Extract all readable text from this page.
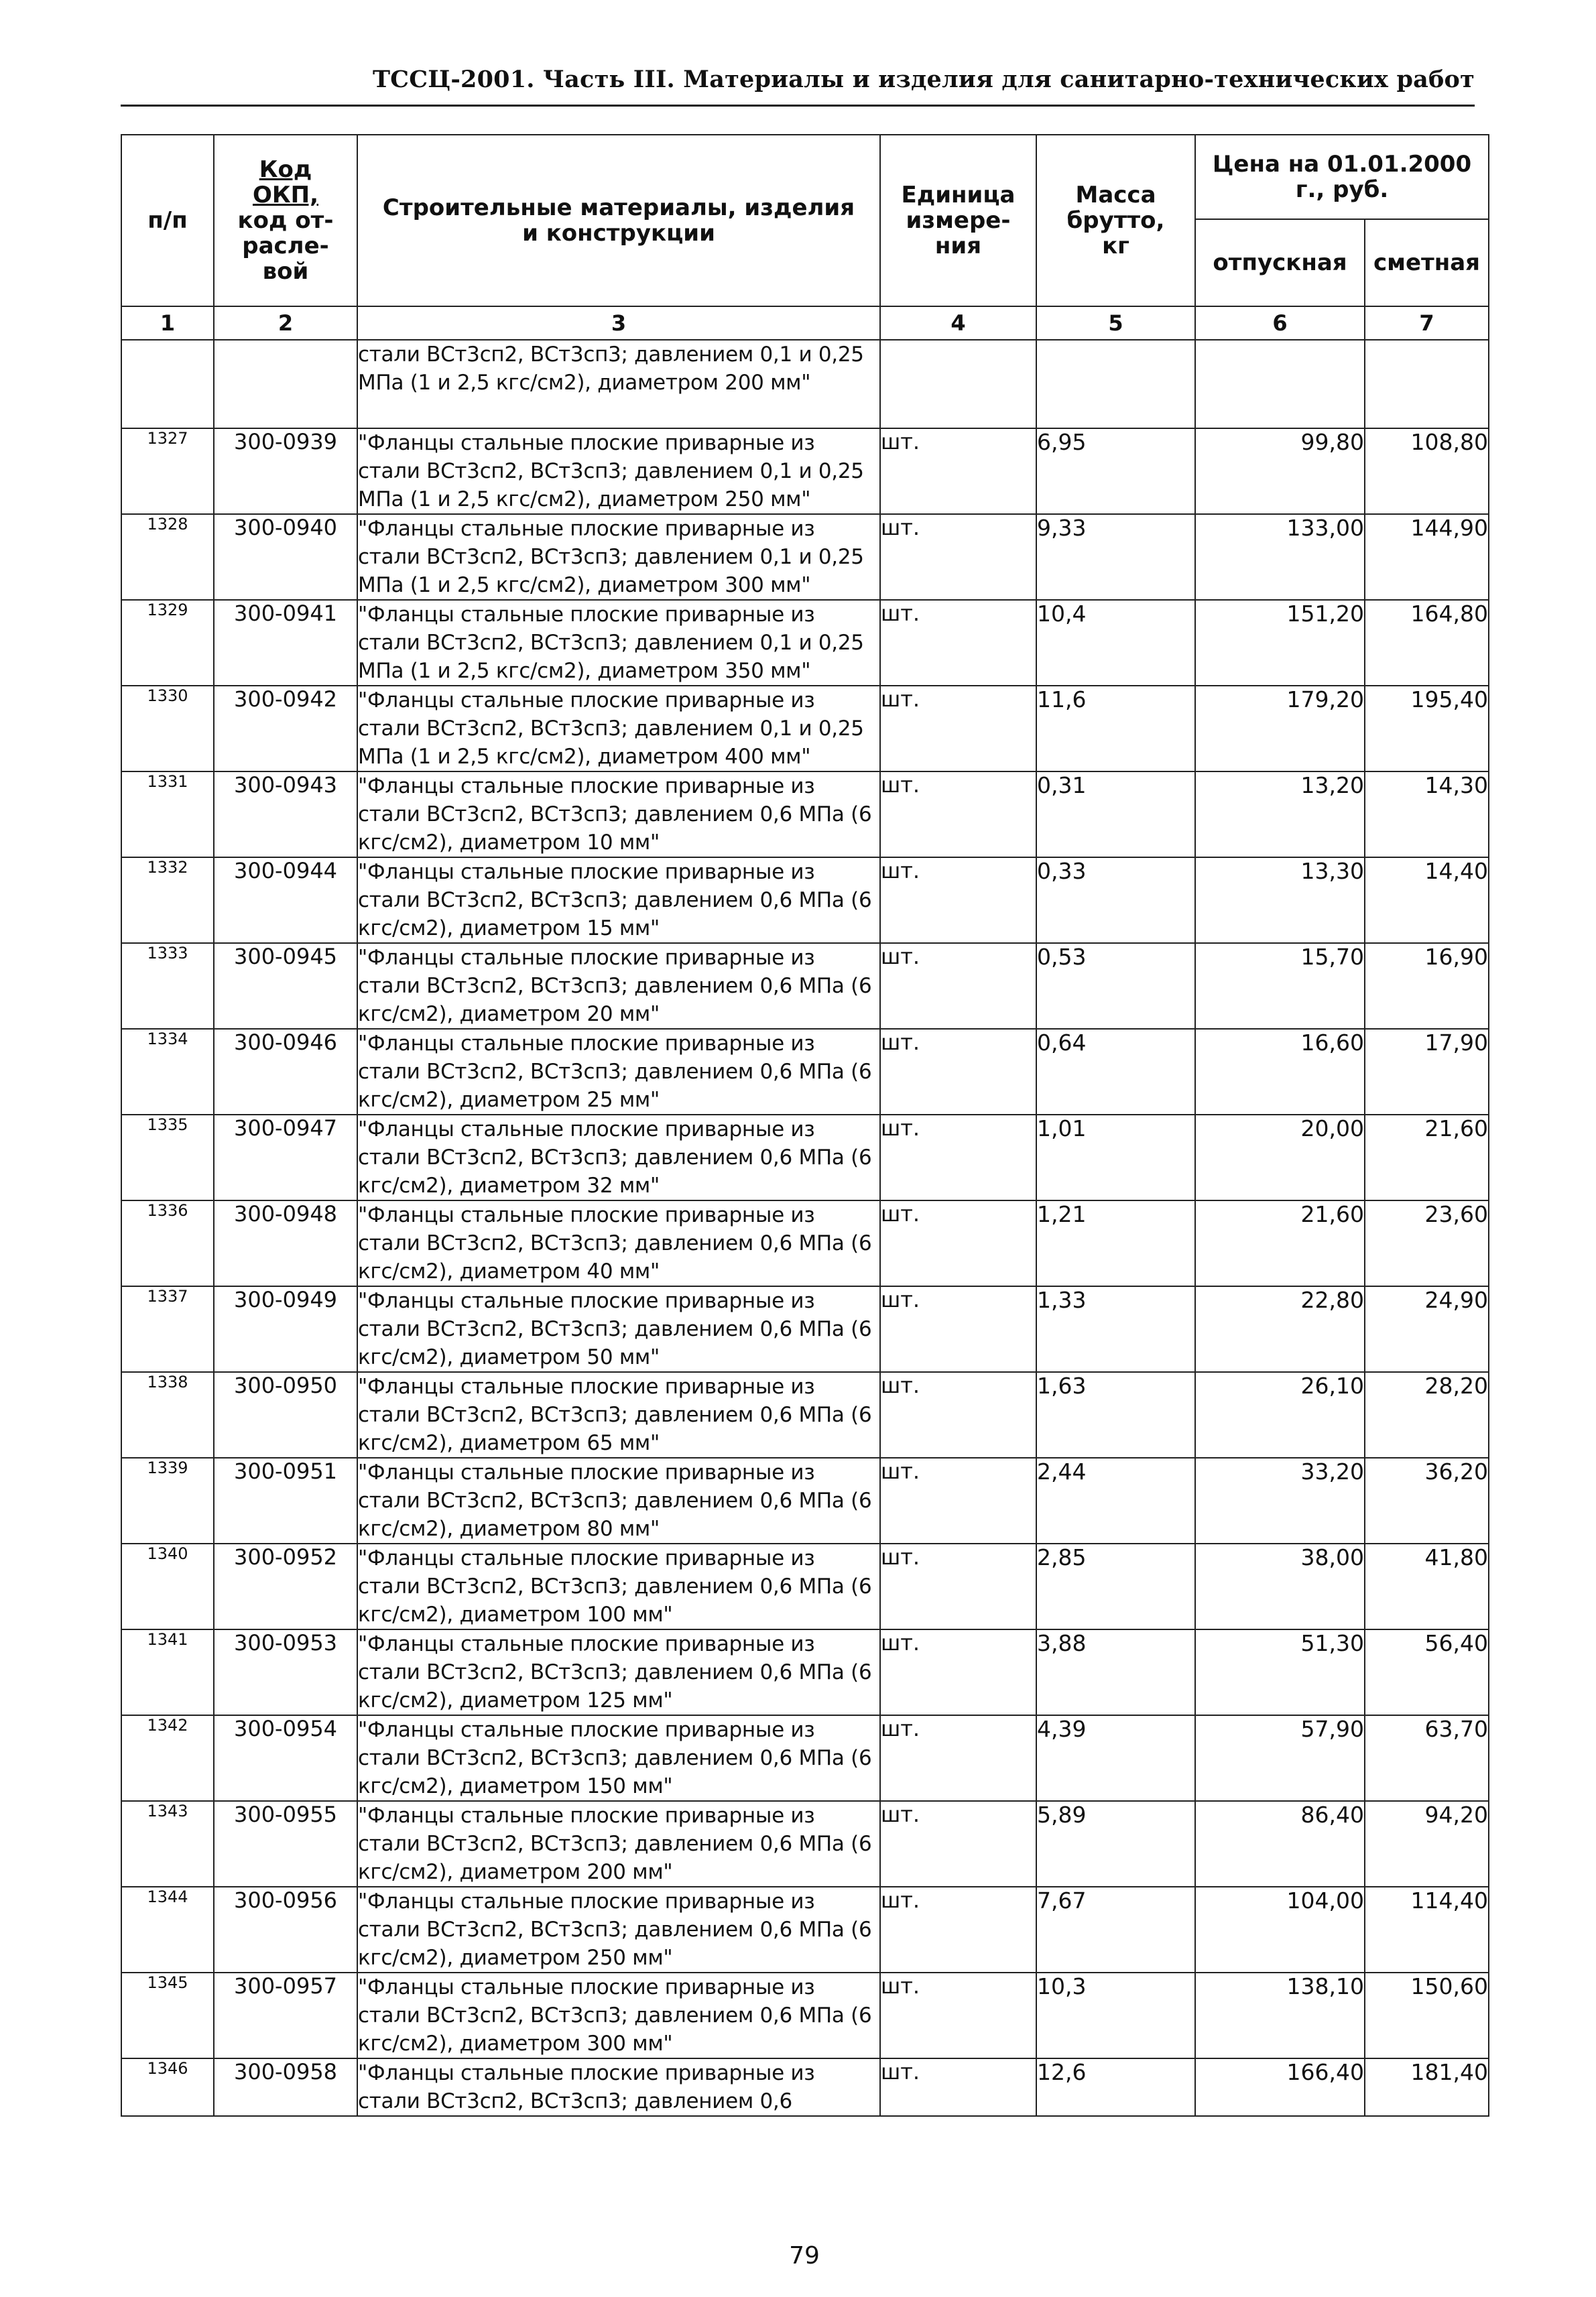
ТССЦ-2001. Часть III. Материалы и изделия для санитарно-технических работ
п/п	Код
ОКП,
код от-
расле-
вой	Строительные материалы, изделия и конструкции	Единица измере-ния	Масса брутто, кг	Цена на 01.01.2000 г., руб.	
					отпускная	сметная
1	2	3	4	5	6	7
		стали ВСт3сп2, ВСт3сп3; давлением 0,1 и 0,25 МПа (1 и 2,5 кгс/см2), диаметром 200 мм"				
1327	300-0939	"Фланцы стальные плоские приварные из стали ВСт3сп2, ВСт3сп3; давлением 0,1 и 0,25 МПа (1 и 2,5 кгс/см2), диаметром 250 мм"	шт.	6,95	99,80	108,80
1328	300-0940	"Фланцы стальные плоские приварные из стали ВСт3сп2, ВСт3сп3; давлением 0,1 и 0,25 МПа (1 и 2,5 кгс/см2), диаметром 300 мм"	шт.	9,33	133,00	144,90
1329	300-0941	"Фланцы стальные плоские приварные из стали ВСт3сп2, ВСт3сп3; давлением 0,1 и 0,25 МПа (1 и 2,5 кгс/см2), диаметром 350 мм"	шт.	10,4	151,20	164,80
1330	300-0942	"Фланцы стальные плоские приварные из стали ВСт3сп2, ВСт3сп3; давлением 0,1 и 0,25 МПа (1 и 2,5 кгс/см2), диаметром 400 мм"	шт.	11,6	179,20	195,40
1331	300-0943	"Фланцы стальные плоские приварные из стали ВСт3сп2, ВСт3сп3; давлением 0,6 МПа (6 кгс/см2), диаметром 10 мм"	шт.	0,31	13,20	14,30
1332	300-0944	"Фланцы стальные плоские приварные из стали ВСт3сп2, ВСт3сп3; давлением 0,6 МПа (6 кгс/см2), диаметром 15 мм"	шт.	0,33	13,30	14,40
1333	300-0945	"Фланцы стальные плоские приварные из стали ВСт3сп2, ВСт3сп3; давлением 0,6 МПа (6 кгс/см2), диаметром 20 мм"	шт.	0,53	15,70	16,90
1334	300-0946	"Фланцы стальные плоские приварные из стали ВСт3сп2, ВСт3сп3; давлением 0,6 МПа (6 кгс/см2), диаметром 25 мм"	шт.	0,64	16,60	17,90
1335	300-0947	"Фланцы стальные плоские приварные из стали ВСт3сп2, ВСт3сп3; давлением 0,6 МПа (6 кгс/см2), диаметром 32 мм"	шт.	1,01	20,00	21,60
1336	300-0948	"Фланцы стальные плоские приварные из стали ВСт3сп2, ВСт3сп3; давлением 0,6 МПа (6 кгс/см2), диаметром 40 мм"	шт.	1,21	21,60	23,60
1337	300-0949	"Фланцы стальные плоские приварные из стали ВСт3сп2, ВСт3сп3; давлением 0,6 МПа (6 кгс/см2), диаметром 50 мм"	шт.	1,33	22,80	24,90
1338	300-0950	"Фланцы стальные плоские приварные из стали ВСт3сп2, ВСт3сп3; давлением 0,6 МПа (6 кгс/см2), диаметром 65 мм"	шт.	1,63	26,10	28,20
1339	300-0951	"Фланцы стальные плоские приварные из стали ВСт3сп2, ВСт3сп3; давлением 0,6 МПа (6 кгс/см2), диаметром 80 мм"	шт.	2,44	33,20	36,20
1340	300-0952	"Фланцы стальные плоские приварные из стали ВСт3сп2, ВСт3сп3; давлением 0,6 МПа (6 кгс/см2), диаметром 100 мм"	шт.	2,85	38,00	41,80
1341	300-0953	"Фланцы стальные плоские приварные из стали ВСт3сп2, ВСт3сп3; давлением 0,6 МПа (6 кгс/см2), диаметром 125 мм"	шт.	3,88	51,30	56,40
1342	300-0954	"Фланцы стальные плоские приварные из стали ВСт3сп2, ВСт3сп3; давлением 0,6 МПа (6 кгс/см2), диаметром 150 мм"	шт.	4,39	57,90	63,70
1343	300-0955	"Фланцы стальные плоские приварные из стали ВСт3сп2, ВСт3сп3; давлением 0,6 МПа (6 кгс/см2), диаметром 200 мм"	шт.	5,89	86,40	94,20
1344	300-0956	"Фланцы стальные плоские приварные из стали ВСт3сп2, ВСт3сп3; давлением 0,6 МПа (6 кгс/см2), диаметром 250 мм"	шт.	7,67	104,00	114,40
1345	300-0957	"Фланцы стальные плоские приварные из стали ВСт3сп2, ВСт3сп3; давлением 0,6 МПа (6 кгс/см2), диаметром 300 мм"	шт.	10,3	138,10	150,60
1346	300-0958	"Фланцы стальные плоские приварные из стали ВСт3сп2, ВСт3сп3; давлением 0,6	шт.	12,6	166,40	181,40
79
